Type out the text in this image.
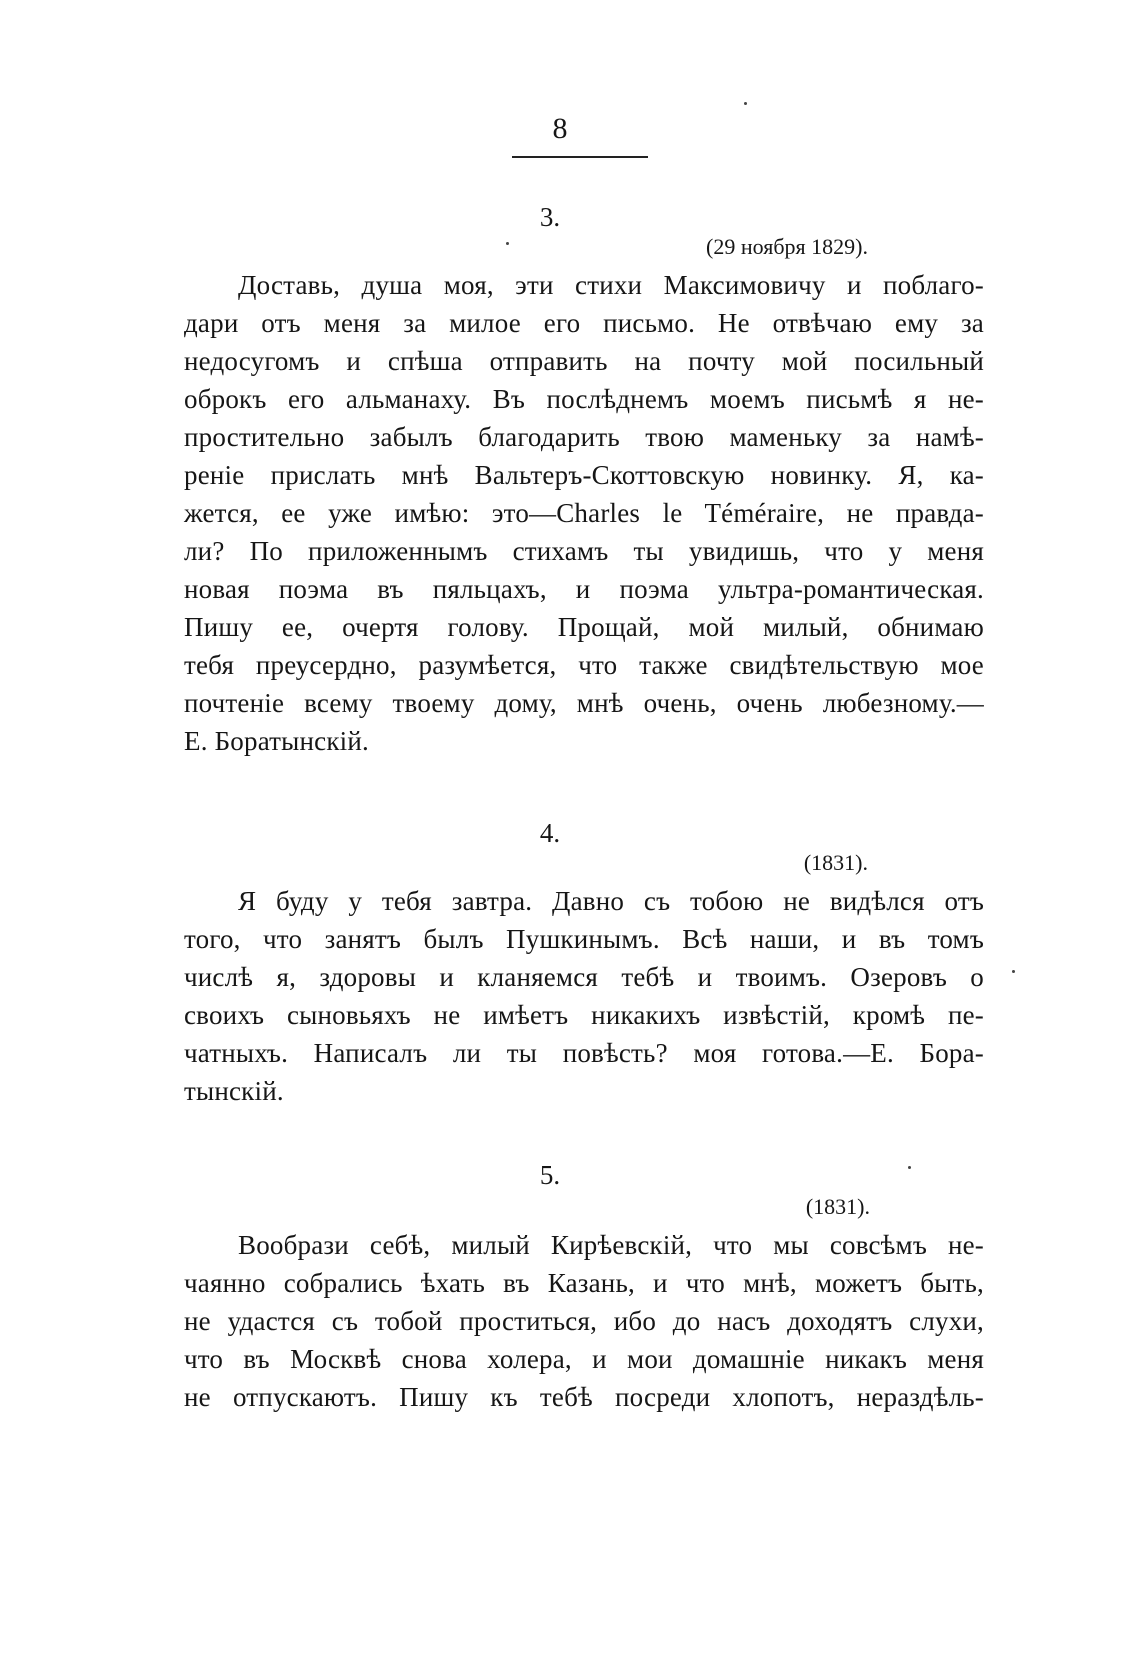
8
3.
(29 ноября 1829).
Доставь, душа моя, эти стихи Максимовичу и поблаго-
дари отъ меня за милое его письмо. Не отвѣчаю ему за
недосугомъ и спѣша отправить на почту мой посильный
оброкъ его альманаху. Въ послѣднемъ моемъ письмѣ я не-
простительно забылъ благодарить твою маменьку за намѣ-
реніе прислать мнѣ Вальтеръ-Скоттовскую новинку. Я, ка-
жется, ее уже имѣю: это—Charles le Téméraire, не правда-
ли? По приложеннымъ стихамъ ты увидишь, что у меня
новая поэма въ пяльцахъ, и поэма ультра-романтическая.
Пишу ее, очертя голову. Прощай, мой милый, обнимаю
тебя преусердно, разумѣется, что также свидѣтельствую мое
почтеніе всему твоему дому, мнѣ очень, очень любезному.—
Е. Боратынскій.
4.
(1831).
Я буду у тебя завтра. Давно съ тобою не видѣлся отъ
того, что занятъ былъ Пушкинымъ. Всѣ наши, и въ томъ
числѣ я, здоровы и кланяемся тебѣ и твоимъ. Озеровъ о
своихъ сыновьяхъ не имѣетъ никакихъ извѣстій, кромѣ пе-
чатныхъ. Написалъ ли ты повѣсть? моя готова.—Е. Бора-
тынскій.
5.
(1831).
Вообрази себѣ, милый Кирѣевскій, что мы совсѣмъ не-
чаянно собрались ѣхать въ Казань, и что мнѣ, можетъ быть,
не удастся съ тобой проститься, ибо до насъ доходятъ слухи,
что въ Москвѣ снова холера, и мои домашніе никакъ меня
не отпускаютъ. Пишу къ тебѣ посреди хлопотъ, нераздѣль-
